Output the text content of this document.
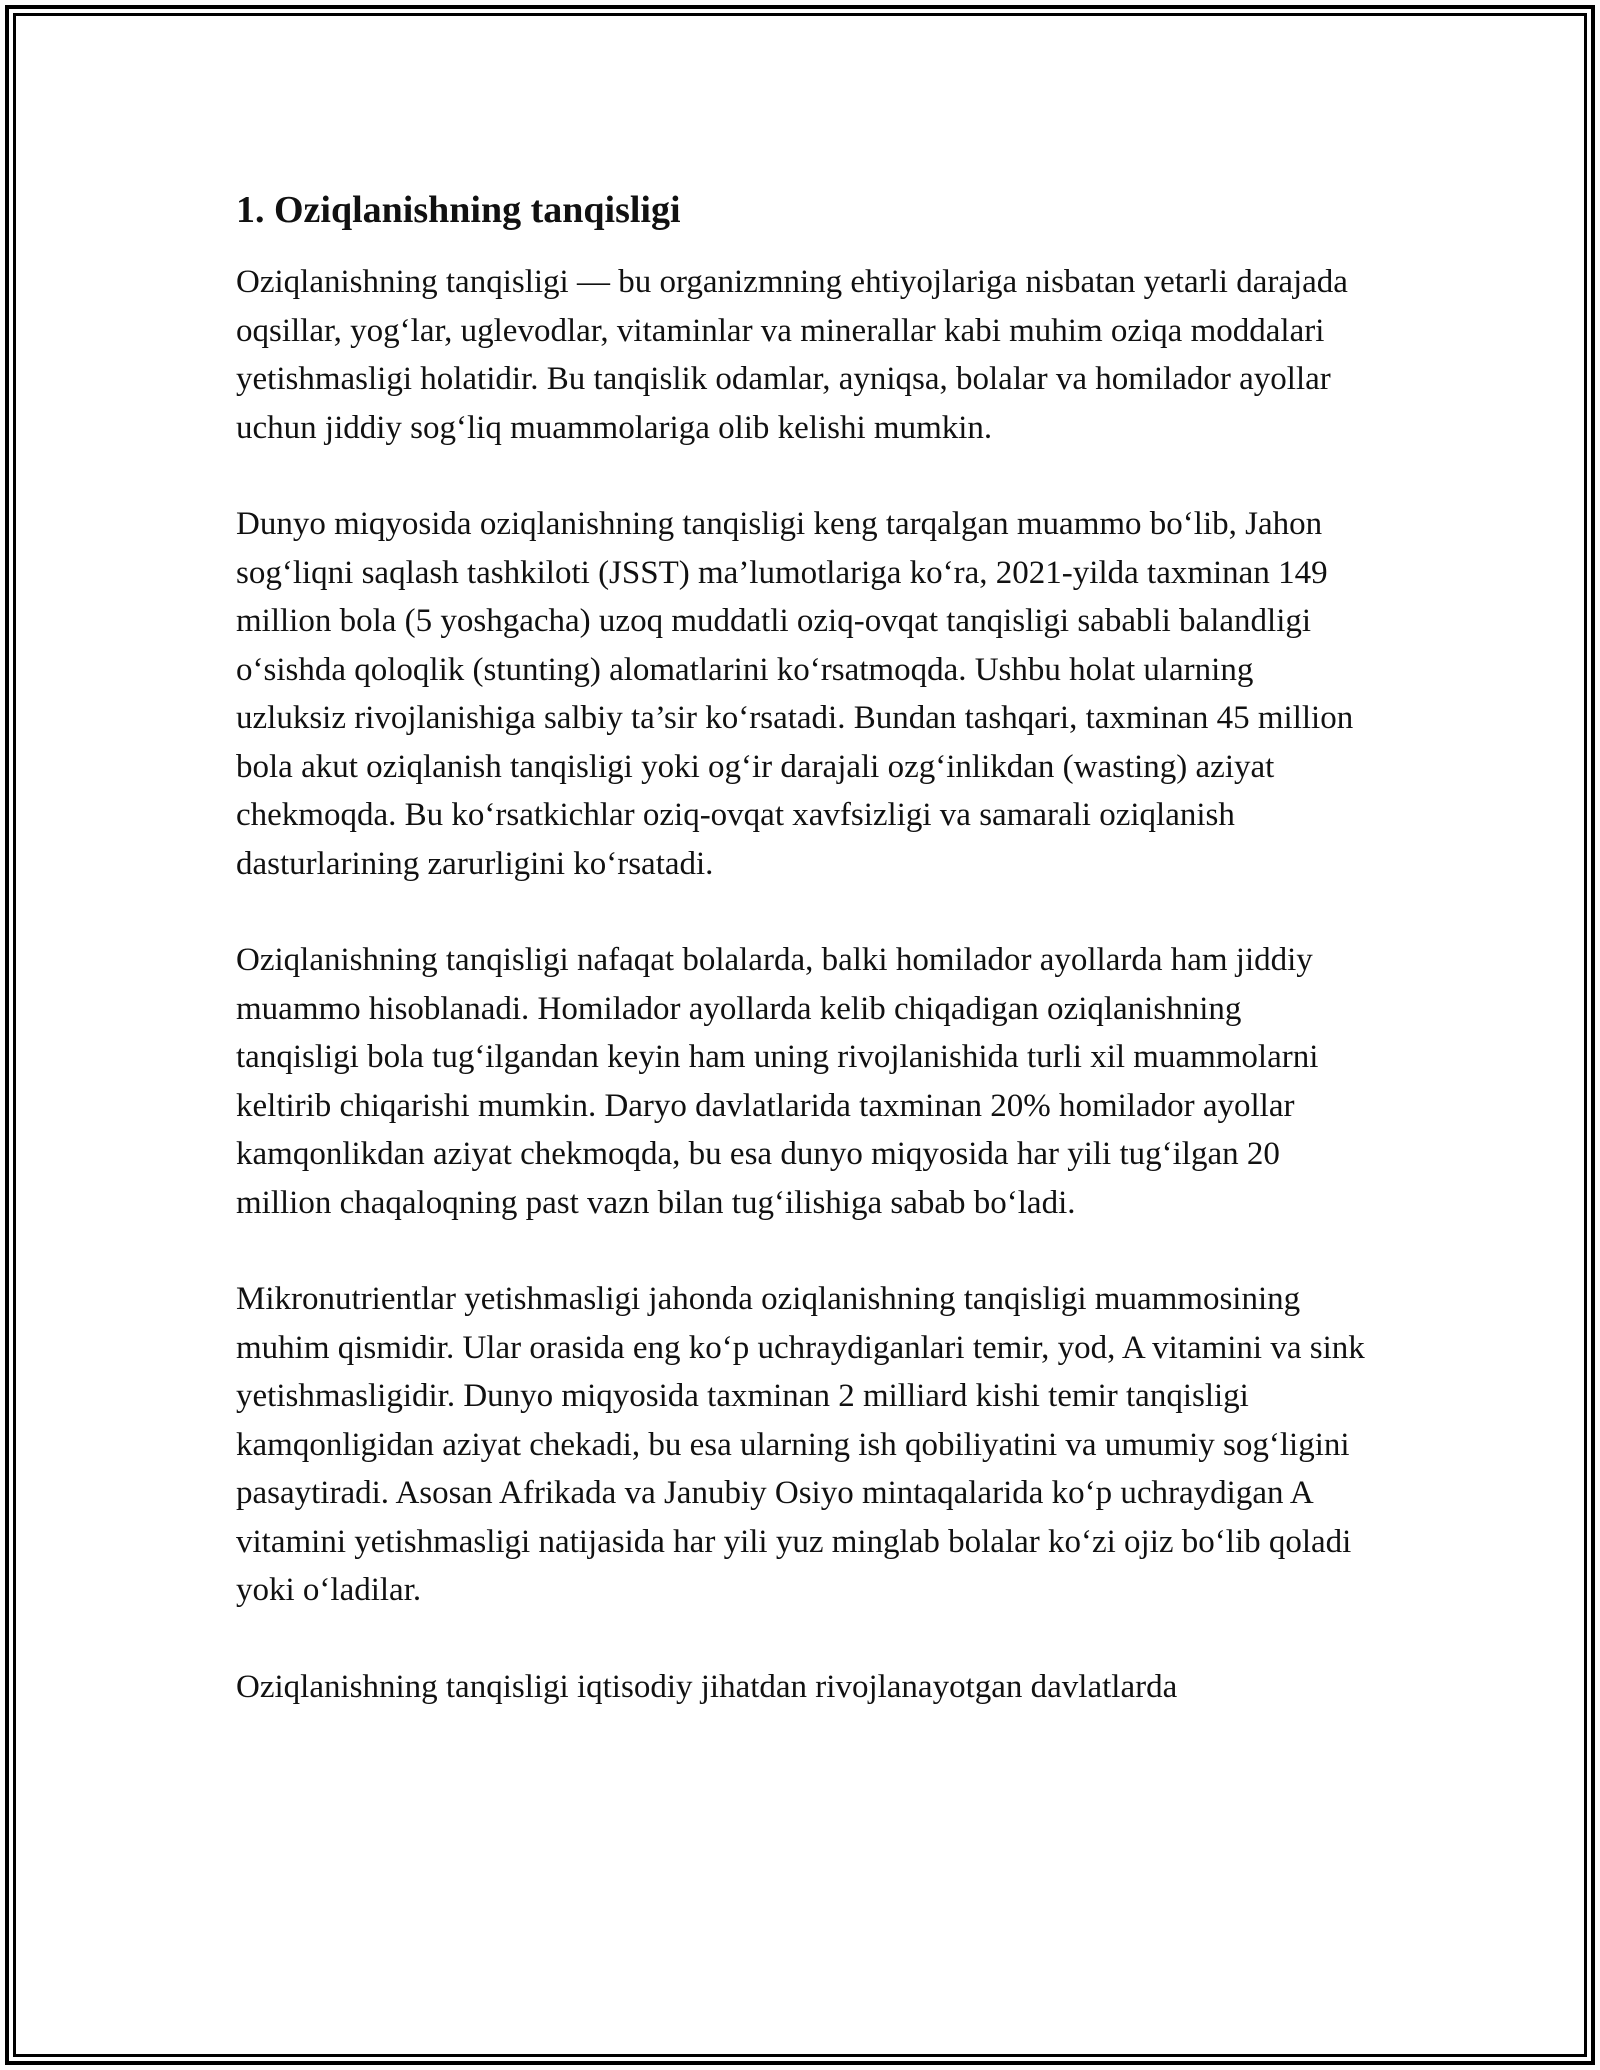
1. Oziqlanishning tanqisligi

Oziqlanishning tanqisligi — bu organizmning ehtiyojlariga nisbatan yetarli darajada oqsillar, yog‘lar, uglevodlar, vitaminlar va minerallar kabi muhim oziqa moddalari yetishmasligi holatidir. Bu tanqislik odamlar, ayniqsa, bolalar va homilador ayollar uchun jiddiy sog‘liq muammolariga olib kelishi mumkin.

Dunyo miqyosida oziqlanishning tanqisligi keng tarqalgan muammo bo‘lib, Jahon sog‘liqni saqlash tashkiloti (JSST) ma’lumotlariga ko‘ra, 2021-yilda taxminan 149 million bola (5 yoshgacha) uzoq muddatli oziq-ovqat tanqisligi sababli balandligi o‘sishda qoloqlik (stunting) alomatlarini ko‘rsatmoqda. Ushbu holat ularning uzluksiz rivojlanishiga salbiy ta’sir ko‘rsatadi. Bundan tashqari, taxminan 45 million bola akut oziqlanish tanqisligi yoki og‘ir darajali ozg‘inlikdan (wasting) aziyat chekmoqda. Bu ko‘rsatkichlar oziq-ovqat xavfsizligi va samarali oziqlanish dasturlarining zarurligini ko‘rsatadi.

Oziqlanishning tanqisligi nafaqat bolalarda, balki homilador ayollarda ham jiddiy muammo hisoblanadi. Homilador ayollarda kelib chiqadigan oziqlanishning tanqisligi bola tug‘ilgandan keyin ham uning rivojlanishida turli xil muammolarni keltirib chiqarishi mumkin. Daryo davlatlarida taxminan 20% homilador ayollar kamqonlikdan aziyat chekmoqda, bu esa dunyo miqyosida har yili tug‘ilgan 20 million chaqaloqning past vazn bilan tug‘ilishiga sabab bo‘ladi.

Mikronutrientlar yetishmasligi jahonda oziqlanishning tanqisligi muammosining muhim qismidir. Ular orasida eng ko‘p uchraydiganlari temir, yod, A vitamini va sink yetishmasligidir. Dunyo miqyosida taxminan 2 milliard kishi temir tanqisligi kamqonligidan aziyat chekadi, bu esa ularning ish qobiliyatini va umumiy sog‘ligini pasaytiradi. Asosan Afrikada va Janubiy Osiyo mintaqalarida ko‘p uchraydigan A vitamini yetishmasligi natijasida har yili yuz minglab bolalar ko‘zi ojiz bo‘lib qoladi yoki o‘ladilar.

Oziqlanishning tanqisligi iqtisodiy jihatdan rivojlanayotgan davlatlarda
